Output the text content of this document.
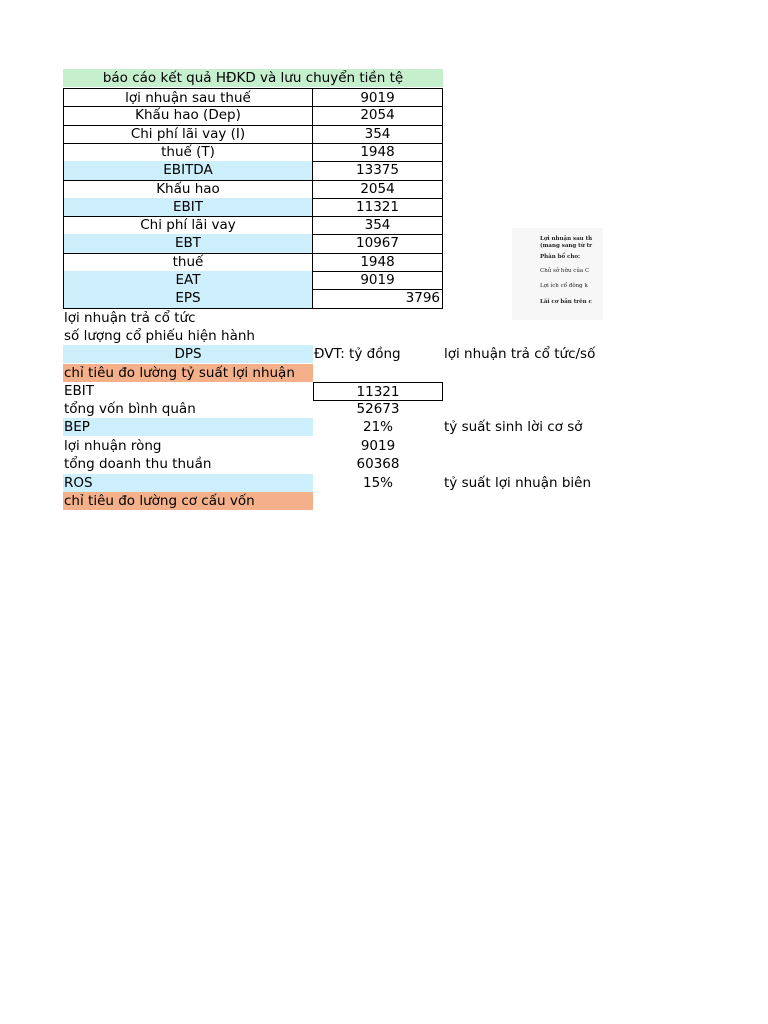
báo cáo kết quả HĐKD và lưu chuyển tiền tệ
lợi nhuận sau thuế	9019
Khấu hao (Dep)	2054
Chi phí lãi vay (I)	354
thuế (T)	1948
EBITDA	13375
Khấu hao	2054
EBIT	11321
Chi phí lãi vay	354
EBT	10967
thuế	1948
EAT	9019
EPS	3796
lợi nhuận trả cổ tức
số lượng cổ phiếu hiện hành
DPS	ĐVT: tỷ đồng	lợi nhuận trả cổ tức/số
chỉ tiêu đo lường tỷ suất lợi nhuận
EBIT	11321
tổng vốn bình quân	52673
BEP	21%	tỷ suất sinh lời cơ sở
lợi nhuận ròng	9019
tổng doanh thu thuần	60368
ROS	15%	tỷ suất lợi nhuận biên
chỉ tiêu đo lường cơ cấu vốn
Lợi nhuận sau th
(mang sang từ tr
Phân bổ cho:
Chủ sở hữu của C
Lợi ích cổ đông k
Lãi cơ bản trên c
